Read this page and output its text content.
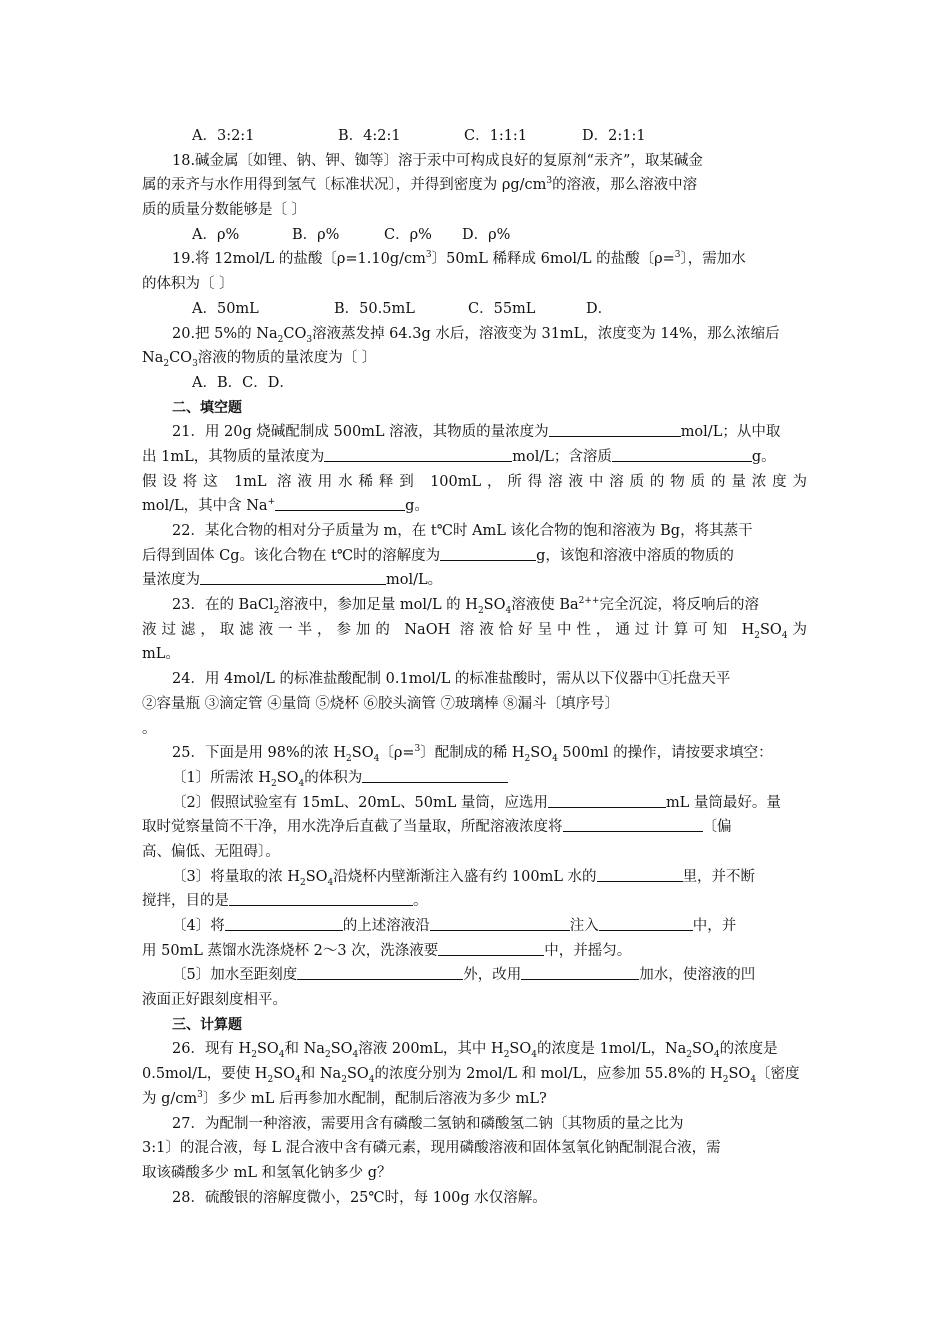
A．3:2:1	B．4:2:1	C．1:1:1	D．2:1:1
18.碱金属〔如锂、钠、钾、铷等〕溶于汞中可构成良好的复原剂“汞齐”，取某碱金
属的汞齐与水作用得到氢气〔标准状况〕，并得到密度为 $\rho g/cm^3$的溶液，那么溶液中溶
质的质量分数能够是〔 〕
A．ρ%	B．ρ%	C．ρ% D．ρ%
19.将 12mol/L 的盐酸〔$\rho=1.10g/cm^3$〕50mL 稀释成 6mol/L 的盐酸〔ρ=$^3$〕，需加水
的体积为〔 〕
A．50mL	B．50.5mL	C．55mL	D．
20.把 5%的 $Na_2CO_3$溶液蒸发掉 64.3g 水后，溶液变为 31mL，浓度变为 14%，那么浓缩后
$Na_2CO_3$溶液的物质的量浓度为〔 〕
A．B．C．D．
二、填空题
21．用 20g 烧碱配制成 500mL 溶液，其物质的量浓度为	mol/L；从中取
出 1mL，其物质的量浓度为	mol/L；含溶质	g。
假设将这 1mL 溶液用水稀释到 100mL，所得溶液中溶质的物质的量浓度为
mol/L，其中含 Na+	g。
22．某化合物的相对分子质量为 m，在 t℃时 AmL 该化合物的饱和溶液为 Bg，将其蒸干
后得到固体 Cg。该化合物在 t℃时的溶解度为	g，该饱和溶液中溶质的物质的
量浓度为	mol/L。
23．在的 BaCl$_2$溶液中，参加足量 mol/L 的 $H_2SO_4$溶液使 $Ba^{2++}$完全沉淀，将反响后的溶
液过滤，取滤液一半，参加的 NaOH 溶液恰好呈中性，通过计算可知 $H_2SO_4$为
mL。
24．用 4mol/L 的标准盐酸配制 0.1mol/L 的标准盐酸时，需从以下仪器中①托盘天平
②容量瓶 ③滴定管 ④量筒 ⑤烧杯 ⑥胶头滴管 ⑦玻璃棒 ⑧漏斗〔填序号〕
。
25．下面是用 98%的浓 $H_2SO_4$〔ρ=$^3$〕配制成的稀 $H_2SO_4$ 500ml 的操作，请按要求填空：
〔1〕所需浓 $H_2SO_4$的体积为
〔2〕假照试验室有 15mL、20mL、50mL 量筒，应选用	mL 量筒最好。量
取时觉察量筒不干净，用水洗净后直截了当量取，所配溶液浓度将	〔偏
高、偏低、无阻碍〕。
〔3〕将量取的浓 $H_2SO_4$沿烧杯内壁渐渐注入盛有约 100mL 水的	里，并不断
搅拌，目的是	。
〔4〕将	的上述溶液沿	注入	中，并
用 50mL 蒸馏水洗涤烧杯 2～3 次，洗涤液要	中，并摇匀。
〔5〕加水至距刻度	外，改用	加水，使溶液的凹
液面正好跟刻度相平。
三、计算题
26．现有 $H_2SO_4$和 $Na_2SO_4$溶液 200mL，其中 $H_2SO_4$的浓度是 1mol/L，$Na_2SO_4$的浓度是
0.5mol/L，要使 $H_2SO_4$和 $Na_2SO_4$的浓度分别为 2mol/L 和 mol/L，应参加 55.8%的 $H_2SO_4$〔密度
为 $g/cm^3$〕多少 mL 后再参加水配制，配制后溶液为多少 mL?
27．为配制一种溶液，需要用含有磷酸二氢钠和磷酸氢二钠〔其物质的量之比为
3:1〕的混合液，每 L 混合液中含有磷元素，现用磷酸溶液和固体氢氧化钠配制混合液，需
取该磷酸多少 mL 和氢氧化钠多少 g？
28．硫酸银的溶解度微小，25℃时，每 100g 水仅溶解。
